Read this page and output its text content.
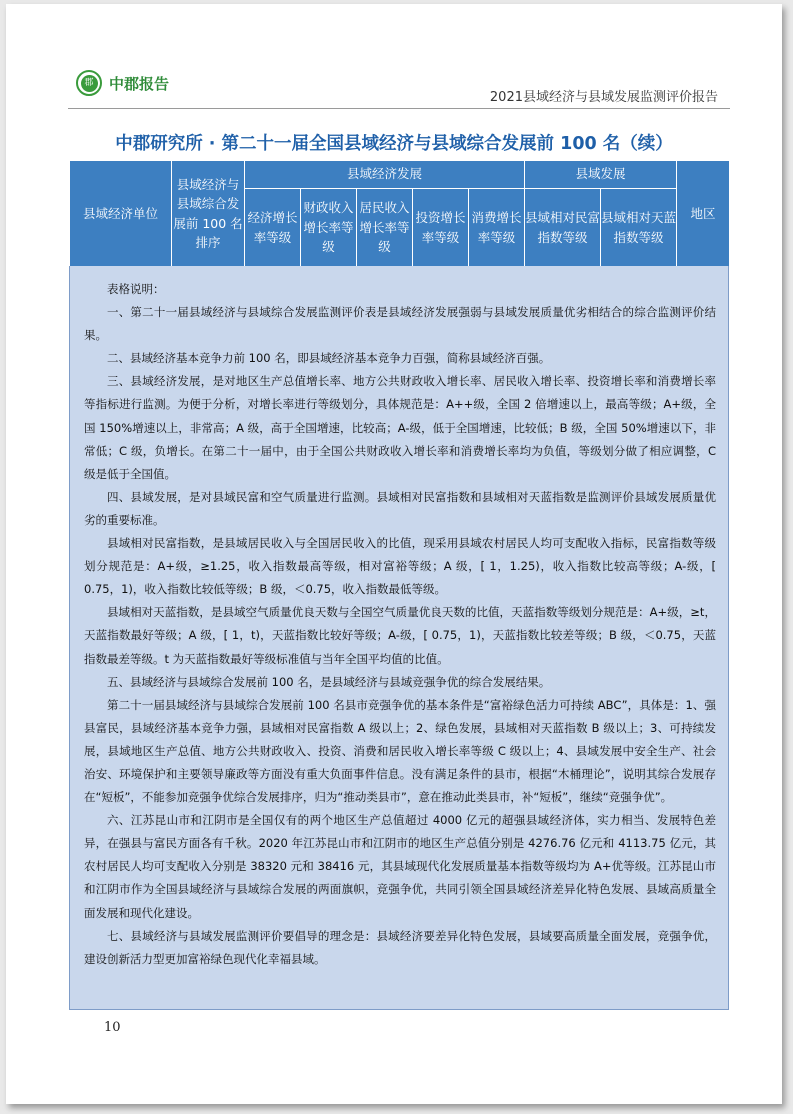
郡 中郡报告
2021县域经济与县域发展监测评价报告
中郡研究所 · 第二十一届全国县域经济与县域综合发展前 100 名（续）
县域经济单位	县域经济与县域综合发展前 100 名排序	县域经济发展					县域发展		地区
		经济增长率等级	财政收入增长率等级	居民收入增长率等级	投资增长率等级	消费增长率等级	县域相对民富指数等级	县域相对天蓝指数等级	

表格说明：

一、第二十一届县域经济与县域综合发展监测评价表是县域经济发展强弱与县域发展质量优劣相结合的综合监测评价结果。

二、县域经济基本竞争力前 100 名，即县域经济基本竞争力百强，简称县域经济百强。

三、县域经济发展，是对地区生产总值增长率、地方公共财政收入增长率、居民收入增长率、投资增长率和消费增长率等指标进行监测。为便于分析，对增长率进行等级划分，具体规范是：A++级，全国 2 倍增速以上，最高等级；A+级，全国 150%增速以上，非常高；A 级，高于全国增速，比较高；A-级，低于全国增速，比较低；B 级，全国 50%增速以下，非常低；C 级，负增长。在第二十一届中，由于全国公共财政收入增长率和消费增长率均为负值，等级划分做了相应调整，C 级是低于全国值。

四、县域发展，是对县域民富和空气质量进行监测。县域相对民富指数和县域相对天蓝指数是监测评价县域发展质量优劣的重要标准。

县域相对民富指数，是县域居民收入与全国居民收入的比值，现采用县域农村居民人均可支配收入指标，民富指数等级划分规范是：A+级，≥1.25，收入指数最高等级，相对富裕等级；A 级，[ 1，1.25)，收入指数比较高等级；A-级，[ 0.75，1)，收入指数比较低等级；B 级，＜0.75，收入指数最低等级。

县域相对天蓝指数，是县域空气质量优良天数与全国空气质量优良天数的比值，天蓝指数等级划分规范是：A+级，≥t，天蓝指数最好等级；A 级，[ 1，t)，天蓝指数比较好等级；A-级，[ 0.75，1)，天蓝指数比较差等级；B 级，＜0.75，天蓝指数最差等级。t 为天蓝指数最好等级标准值与当年全国平均值的比值。

五、县域经济与县域综合发展前 100 名，是县域经济与县域竞强争优的综合发展结果。

第二十一届县域经济与县域综合发展前 100 名县市竞强争优的基本条件是“富裕绿色活力可持续 ABC”，具体是：1、强县富民，县域经济基本竞争力强，县域相对民富指数 A 级以上；2、绿色发展，县域相对天蓝指数 B 级以上；3、可持续发展，县域地区生产总值、地方公共财政收入、投资、消费和居民收入增长率等级 C 级以上；4、县域发展中安全生产、社会治安、环境保护和主要领导廉政等方面没有重大负面事件信息。没有满足条件的县市，根据“木桶理论”，说明其综合发展存在“短板”，不能参加竞强争优综合发展排序，归为“推动类县市”，意在推动此类县市，补“短板”，继续“竞强争优”。

六、江苏昆山市和江阴市是全国仅有的两个地区生产总值超过 4000 亿元的超强县域经济体，实力相当、发展特色差异，在强县与富民方面各有千秋。2020 年江苏昆山市和江阴市的地区生产总值分别是 4276.76 亿元和 4113.75 亿元，其农村居民人均可支配收入分别是 38320 元和 38416 元，其县域现代化发展质量基本指数等级均为 A+优等级。江苏昆山市和江阴市作为全国县域经济与县域综合发展的两面旗帜，竞强争优，共同引领全国县域经济差异化特色发展、县域高质量全面发展和现代化建设。

七、县域经济与县域发展监测评价要倡导的理念是：县域经济要差异化特色发展，县域要高质量全面发展，竞强争优，建设创新活力型更加富裕绿色现代化幸福县域。

10
